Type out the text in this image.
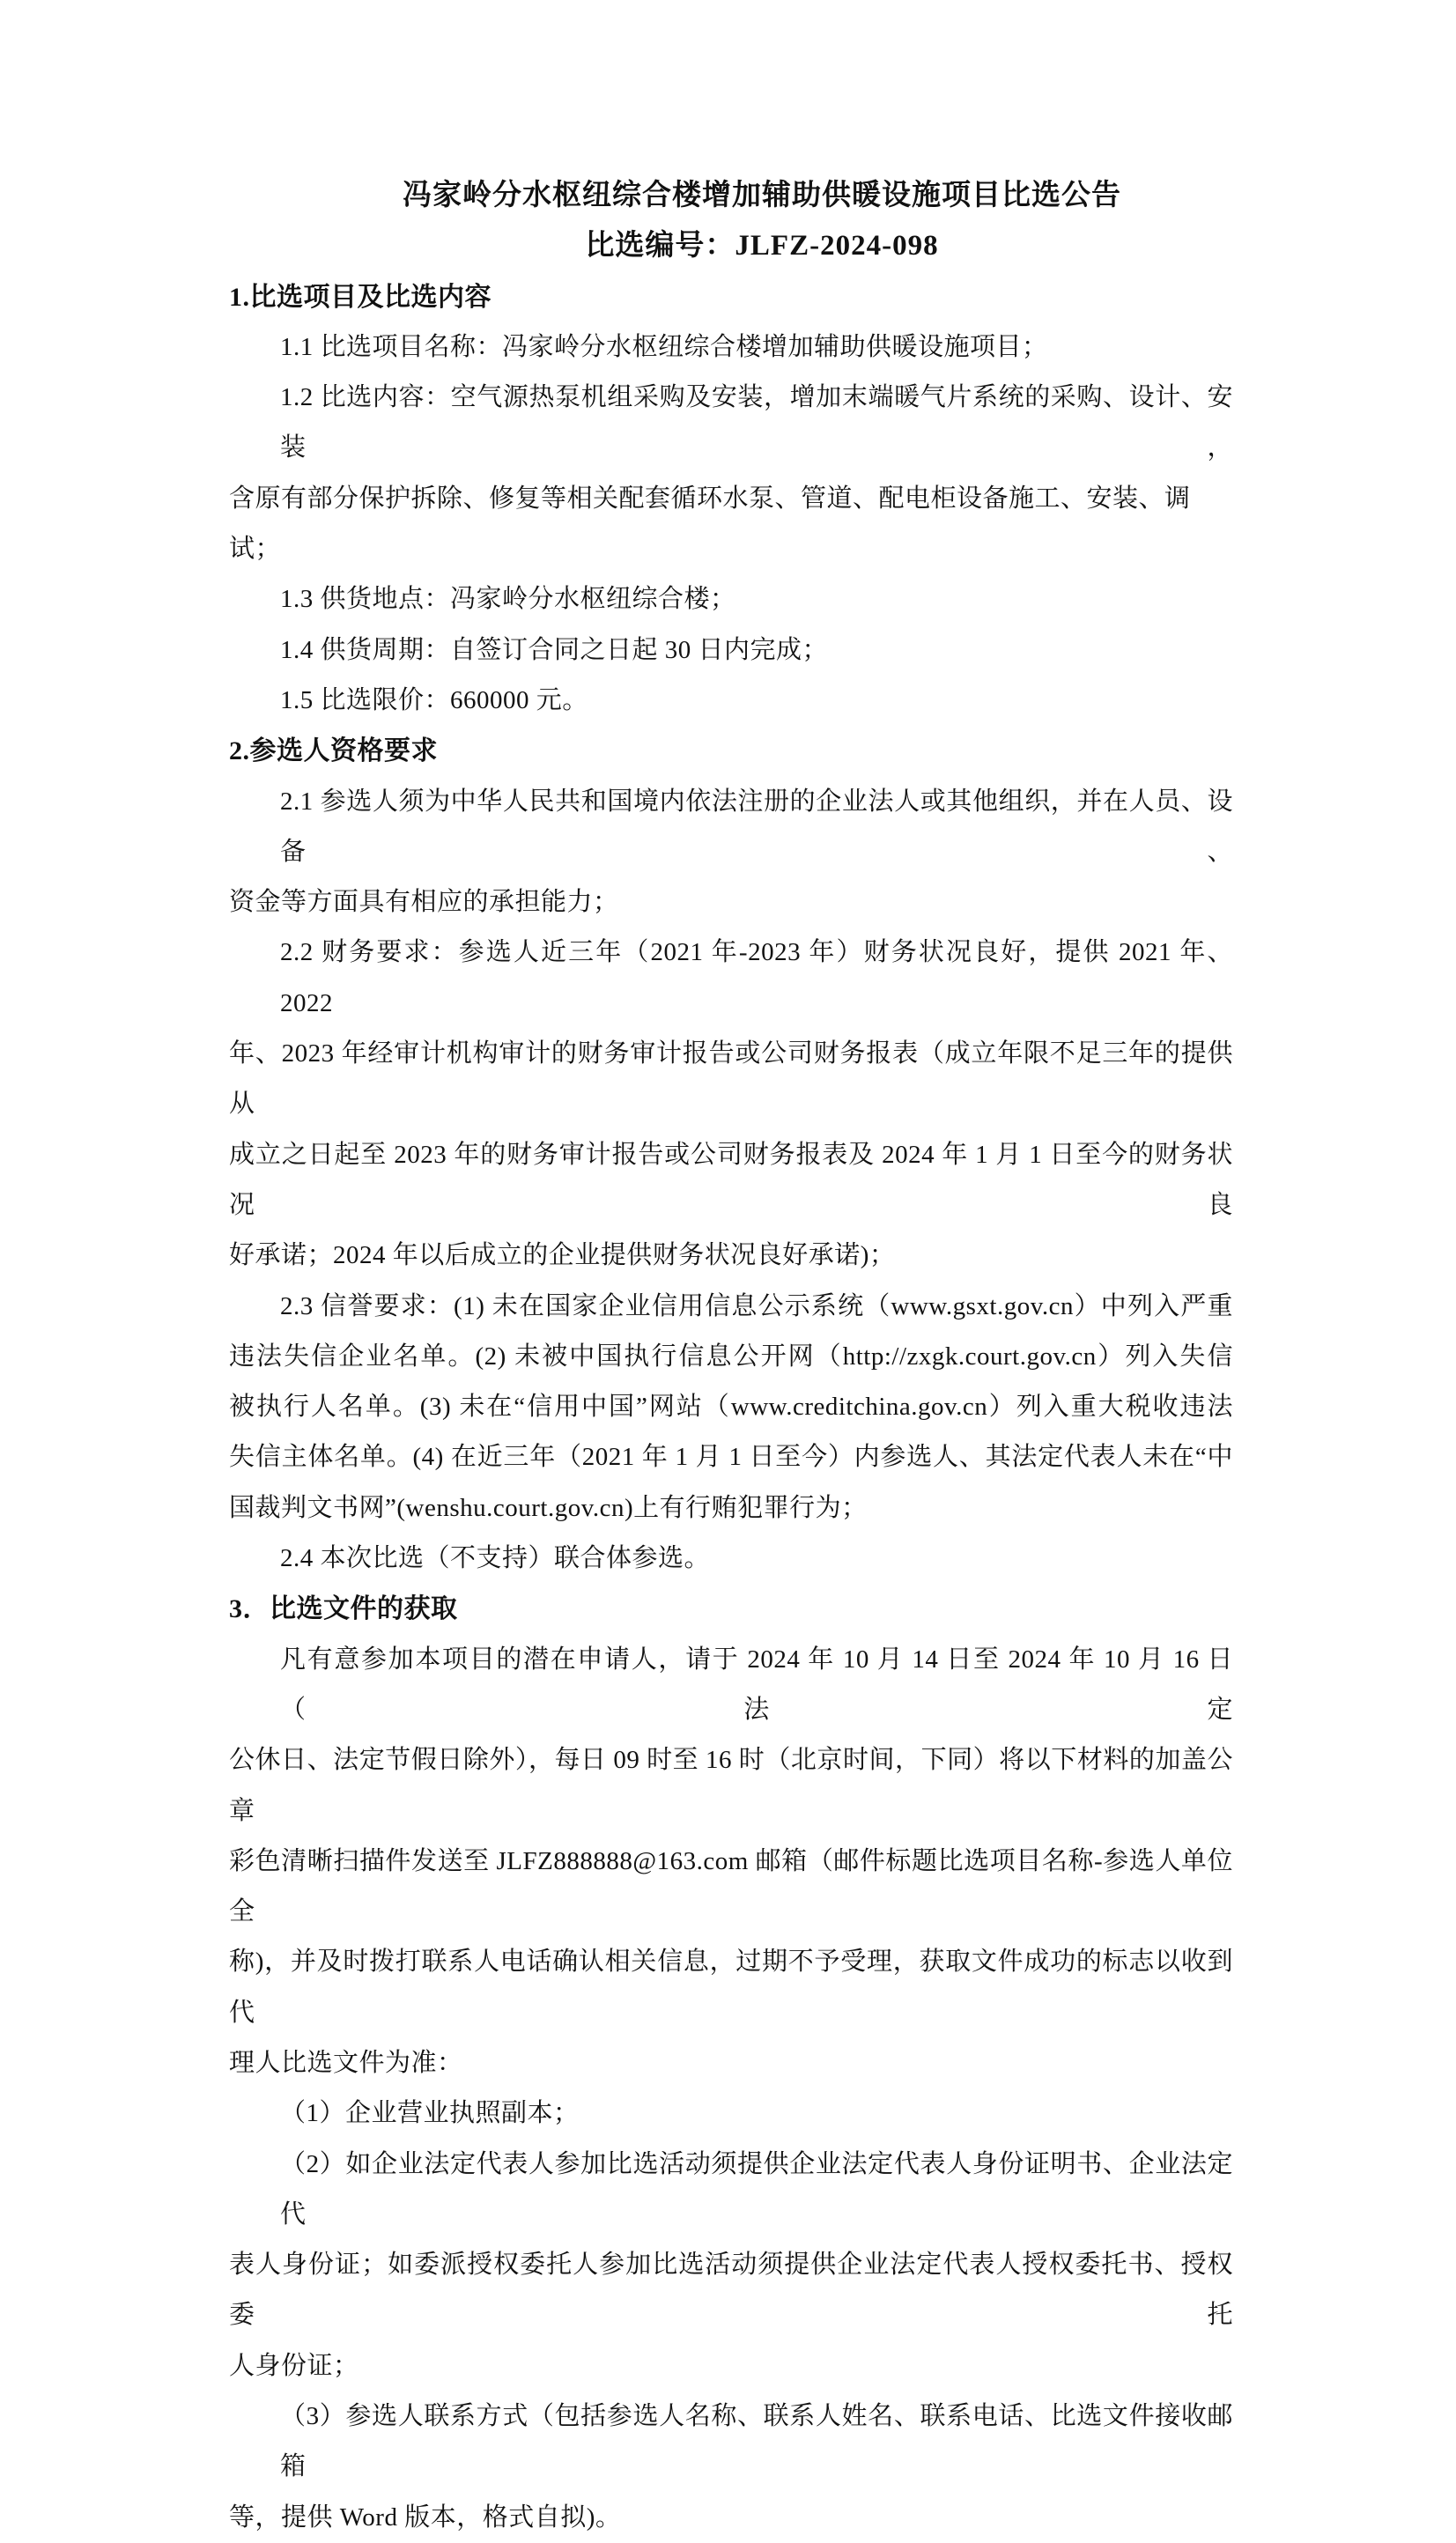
冯家岭分水枢纽综合楼增加辅助供暖设施项目比选公告
比选编号：JLFZ-2024-098
1.比选项目及比选内容
1.1 比选项目名称：冯家岭分水枢纽综合楼增加辅助供暖设施项目；
1.2 比选内容：空气源热泵机组采购及安装，增加末端暖气片系统的采购、设计、安装，
含原有部分保护拆除、修复等相关配套循环水泵、管道、配电柜设备施工、安装、调试；
1.3 供货地点：冯家岭分水枢纽综合楼；
1.4 供货周期：自签订合同之日起 30 日内完成；
1.5 比选限价：660000 元。
2.参选人资格要求
2.1 参选人须为中华人民共和国境内依法注册的企业法人或其他组织，并在人员、设备、
资金等方面具有相应的承担能力；
2.2 财务要求：参选人近三年（2021 年-2023 年）财务状况良好，提供 2021 年、2022
年、2023 年经审计机构审计的财务审计报告或公司财务报表（成立年限不足三年的提供从
成立之日起至 2023 年的财务审计报告或公司财务报表及 2024 年 1 月 1 日至今的财务状况良
好承诺；2024 年以后成立的企业提供财务状况良好承诺)；
2.3 信誉要求：(1) 未在国家企业信用信息公示系统（www.gsxt.gov.cn）中列入严重
违法失信企业名单。(2) 未被中国执行信息公开网（http://zxgk.court.gov.cn）列入失信
被执行人名单。(3) 未在“信用中国”网站（www.creditchina.gov.cn）列入重大税收违法
失信主体名单。(4) 在近三年（2021 年 1 月 1 日至今）内参选人、其法定代表人未在“中
国裁判文书网”(wenshu.court.gov.cn)上有行贿犯罪行为；
2.4 本次比选（不支持）联合体参选。
3．比选文件的获取
凡有意参加本项目的潜在申请人，请于 2024 年 10 月 14 日至 2024 年 10 月 16 日（法定
公休日、法定节假日除外），每日 09 时至 16 时（北京时间，下同）将以下材料的加盖公章
彩色清晰扫描件发送至 JLFZ888888@163.com 邮箱（邮件标题比选项目名称-参选人单位全
称)，并及时拨打联系人电话确认相关信息，过期不予受理，获取文件成功的标志以收到代
理人比选文件为准：
（1）企业营业执照副本；
（2）如企业法定代表人参加比选活动须提供企业法定代表人身份证明书、企业法定代
表人身份证；如委派授权委托人参加比选活动须提供企业法定代表人授权委托书、授权委托
人身份证；
（3）参选人联系方式（包括参选人名称、联系人姓名、联系电话、比选文件接收邮箱
等，提供 Word 版本，格式自拟)。
